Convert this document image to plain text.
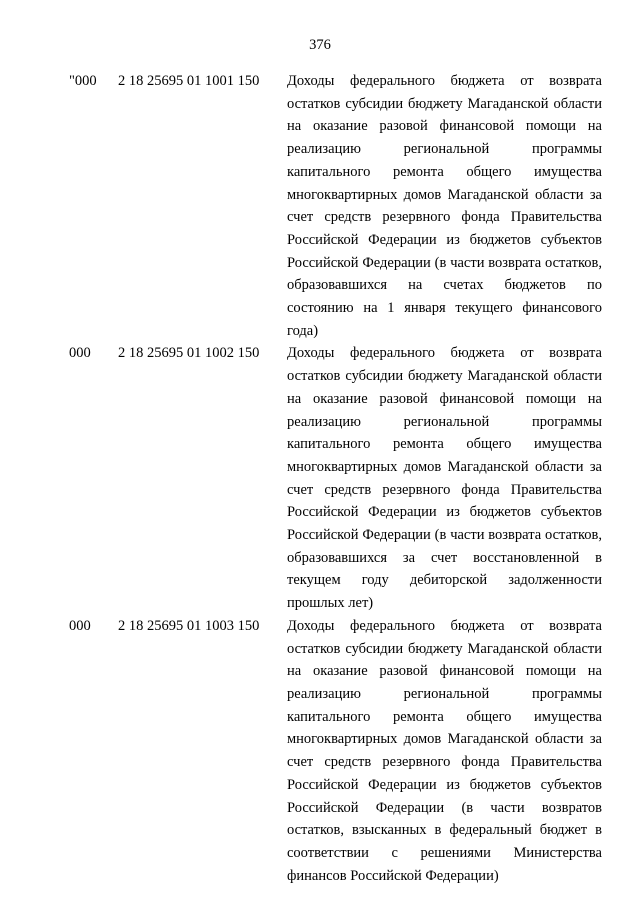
376
"000 2 18 25695 01 1001 150 Доходы федерального бюджета от возврата остатков субсидии бюджету Магаданской области на оказание разовой финансовой помощи на реализацию региональной программы капитального ремонта общего имущества многоквартирных домов Магаданской области за счет средств резервного фонда Правительства Российской Федерации из бюджетов субъектов Российской Федерации (в части возврата остатков, образовавшихся на счетах бюджетов по состоянию на 1 января текущего финансового года)
000 2 18 25695 01 1002 150 Доходы федерального бюджета от возврата остатков субсидии бюджету Магаданской области на оказание разовой финансовой помощи на реализацию региональной программы капитального ремонта общего имущества многоквартирных домов Магаданской области за счет средств резервного фонда Правительства Российской Федерации из бюджетов субъектов Российской Федерации (в части возврата остатков, образовавшихся за счет восстановленной в текущем году дебиторской задолженности прошлых лет)
000 2 18 25695 01 1003 150 Доходы федерального бюджета от возврата остатков субсидии бюджету Магаданской области на оказание разовой финансовой помощи на реализацию региональной программы капитального ремонта общего имущества многоквартирных домов Магаданской области за счет средств резервного фонда Правительства Российской Федерации из бюджетов субъектов Российской Федерации (в части возвратов остатков, взысканных в федеральный бюджет в соответствии с решениями Министерства финансов Российской Федерации)
